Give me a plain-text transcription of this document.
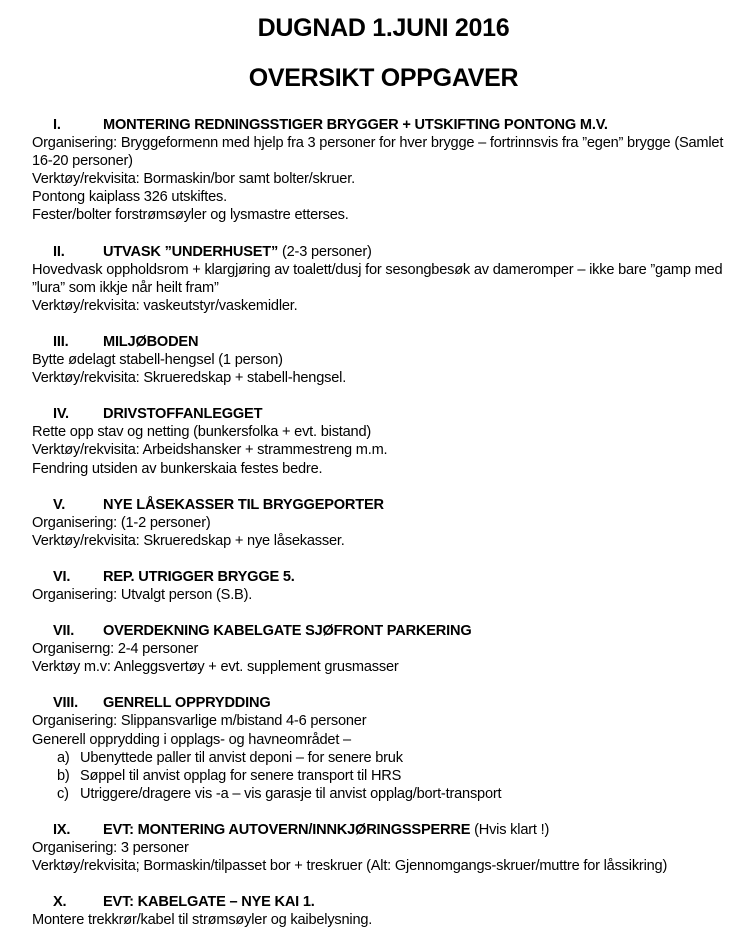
DUGNAD 1.JUNI 2016
OVERSIKT OPPGAVER
I.	MONTERING REDNINGSSTIGER BRYGGER + UTSKIFTING PONTONG M.V.

Organisering: Bryggeformenn med hjelp fra 3 personer for hver brygge – fortrinnsvis fra ”egen” brygge (Samlet 16-20 personer)

Verktøy/rekvisita: Bormaskin/bor samt bolter/skruer.

Pontong kaiplass 326 utskiftes.

Fester/bolter forstrømsøyler og lysmastre etterses.

II.	UTVASK ”UNDERHUSET” (2-3 personer)

Hovedvask oppholdsrom + klargjøring av toalett/dusj for sesongbesøk av dameromper – ikke bare ”gamp med ”lura” som ikkje når heilt fram”

Verktøy/rekvisita: vaskeutstyr/vaskemidler.

III.	MILJØBODEN

Bytte ødelagt stabell-hengsel (1 person)

Verktøy/rekvisita: Skrueredskap + stabell-hengsel.

IV.	DRIVSTOFFANLEGGET

Rette opp stav og netting (bunkersfolka + evt. bistand)

Verktøy/rekvisita: Arbeidshansker + strammestreng m.m.

Fendring utsiden av bunkerskaia festes bedre.

V.	NYE LÅSEKASSER TIL BRYGGEPORTER

Organisering: (1-2 personer)

Verktøy/rekvisita: Skrueredskap + nye låsekasser.

VI.	REP. UTRIGGER BRYGGE 5.

Organisering: Utvalgt person (S.B).

VII.	OVERDEKNING KABELGATE SJØFRONT PARKERING

Organiserng: 2-4 personer

Verktøy m.v: Anleggsvertøy + evt. supplement grusmasser

VIII.	GENRELL OPPRYDDING

Organisering: Slippansvarlige m/bistand 4-6 personer

Generell opprydding i opplags- og havneområdet –

a) Ubenyttede paller til anvist deponi – for senere bruk
b) Søppel til anvist opplag for senere transport til HRS
c) Utriggere/dragere vis -a – vis garasje til anvist opplag/bort-transport
IX.	EVT: MONTERING AUTOVERN/INNKJØRINGSSPERRE (Hvis klart !)

Organisering: 3 personer

Verktøy/rekvisita; Bormaskin/tilpasset bor + treskruer (Alt: Gjennomgangs-skruer/muttre for låssikring)

X.	EVT: KABELGATE – NYE KAI 1.

Montere trekkrør/kabel til strømsøyler og kaibelysning.
